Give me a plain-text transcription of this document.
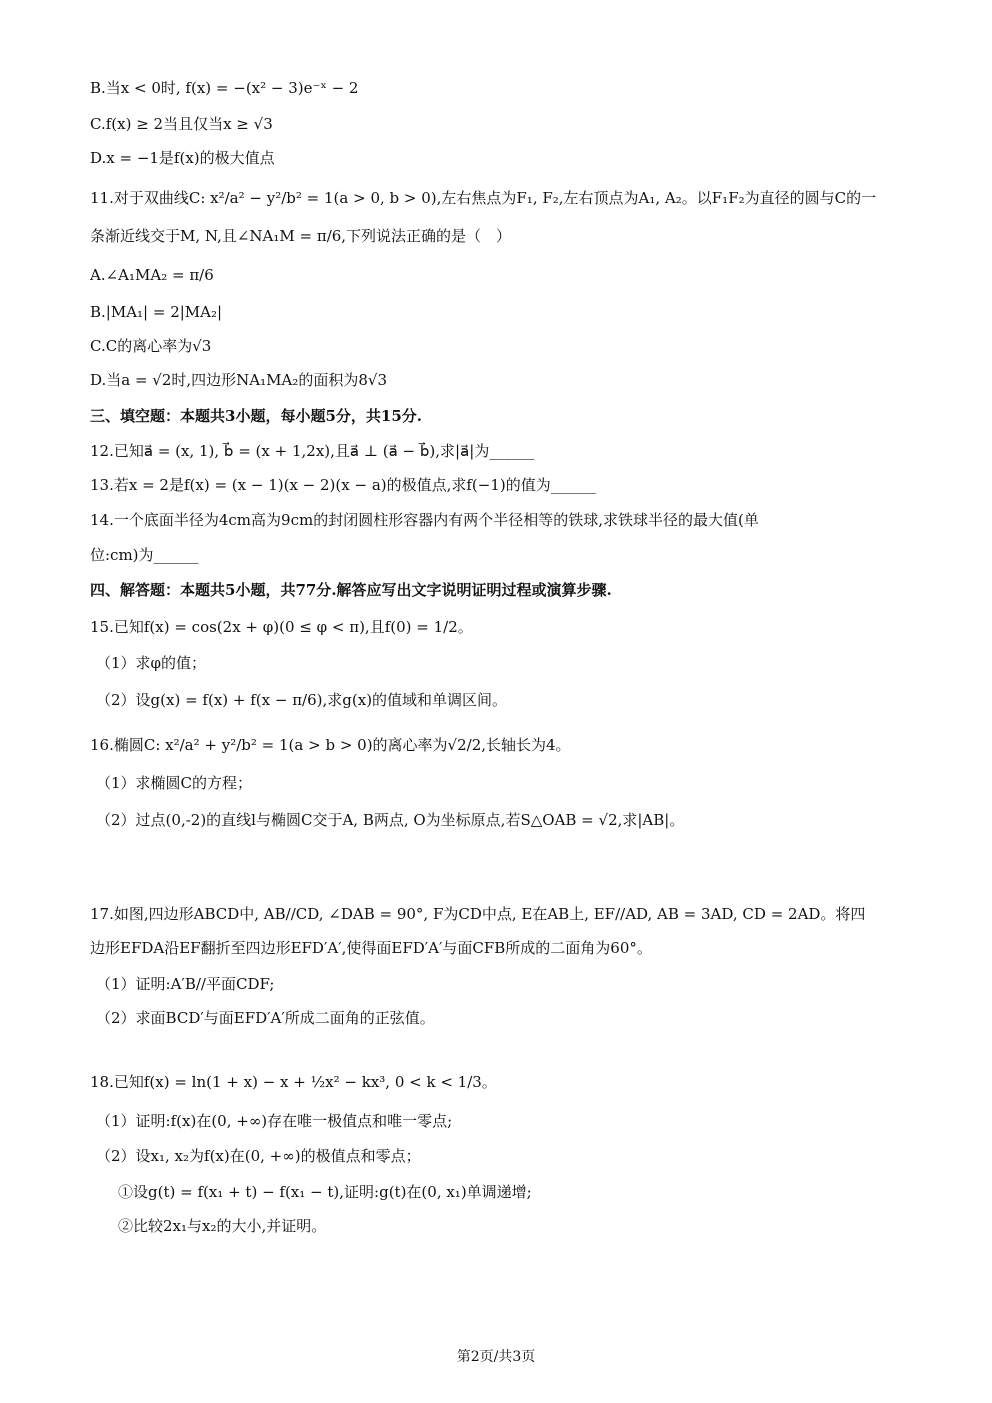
B.当x < 0时, f(x) = −(x² − 3)e⁻ˣ − 2
C.f(x) ≥ 2当且仅当x ≥ √3
D.x = −1是f(x)的极大值点
11.对于双曲线C: x²/a² − y²/b² = 1(a > 0, b > 0),左右焦点为F₁, F₂,左右顶点为A₁, A₂。以F₁F₂为直径的圆与C的一
条渐近线交于M, N,且∠NA₁M = π/6,下列说法正确的是（　）
A.∠A₁MA₂ = π/6
B.|MA₁| = 2|MA₂|
C.C的离心率为√3
D.当a = √2时,四边形NA₁MA₂的面积为8√3
三、填空题：本题共3小题，每小题5分，共15分.
12.已知a⃗ = (x, 1), b⃗ = (x + 1,2x),且a⃗ ⊥ (a⃗ − b⃗),求|a⃗|为______
13.若x = 2是f(x) = (x − 1)(x − 2)(x − a)的极值点,求f(−1)的值为______
14.一个底面半径为4cm高为9cm的封闭圆柱形容器内有两个半径相等的铁球,求铁球半径的最大值(单
位:cm)为______
四、解答题：本题共5小题，共77分.解答应写出文字说明证明过程或演算步骤.
15.已知f(x) = cos(2x + φ)(0 ≤ φ < π),且f(0) = 1/2。
（1）求φ的值；
（2）设g(x) = f(x) + f(x − π/6),求g(x)的值域和单调区间。
16.椭圆C: x²/a² + y²/b² = 1(a > b > 0)的离心率为√2/2,长轴长为4。
（1）求椭圆C的方程；
（2）过点(0,-2)的直线l与椭圆C交于A, B两点, O为坐标原点,若S△OAB = √2,求|AB|。
17.如图,四边形ABCD中, AB//CD, ∠DAB = 90°, F为CD中点, E在AB上, EF//AD, AB = 3AD, CD = 2AD。将四
边形EFDA沿EF翻折至四边形EFD′A′,使得面EFD′A′与面CFB所成的二面角为60°。
（1）证明:A′B//平面CDF;
（2）求面BCD′与面EFD′A′所成二面角的正弦值。
18.已知f(x) = ln(1 + x) − x + ½x² − kx³, 0 < k < 1/3。
（1）证明:f(x)在(0, +∞)存在唯一极值点和唯一零点;
（2）设x₁, x₂为f(x)在(0, +∞)的极值点和零点；
①设g(t) = f(x₁ + t) − f(x₁ − t),证明:g(t)在(0, x₁)单调递增;
②比较2x₁与x₂的大小,并证明。
第2页/共3页
